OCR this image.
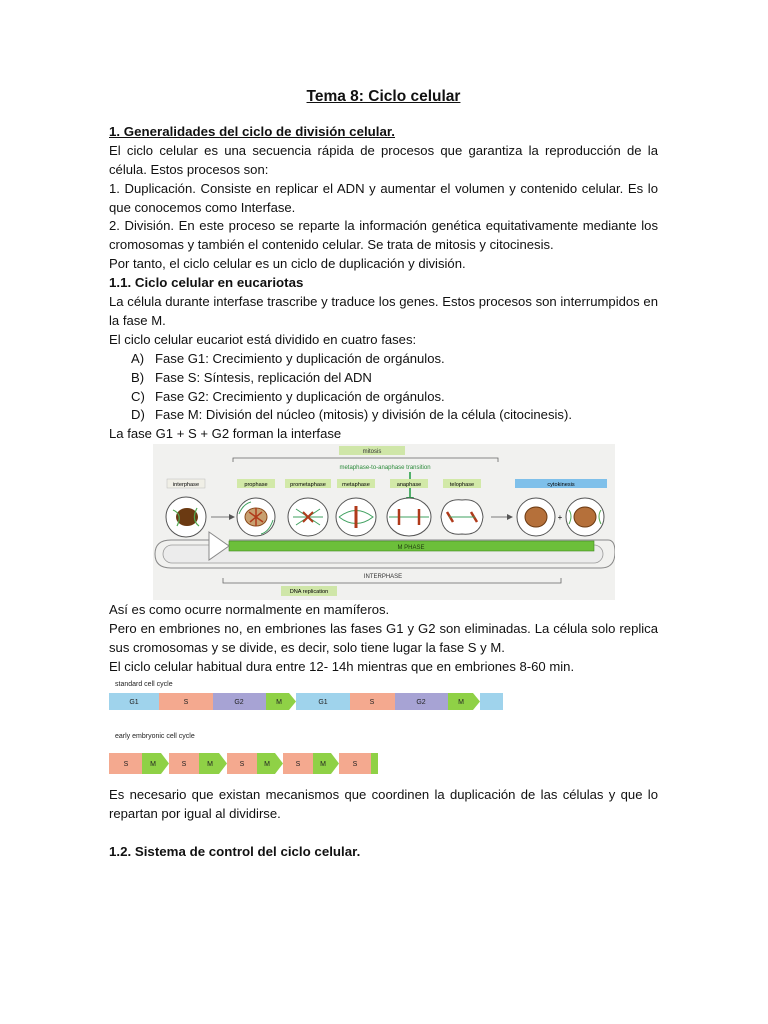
Tema 8: Ciclo celular
1. Generalidades del ciclo de división celular.
El ciclo celular es una secuencia rápida de procesos que garantiza la reproducción de la célula. Estos procesos son:
1. Duplicación. Consiste en replicar el ADN y aumentar el volumen y contenido celular. Es lo que conocemos como Interfase.
2. División. En este proceso se reparte la información genética equitativamente mediante los cromosomas y también el contenido celular. Se trata de mitosis y citocinesis.
Por tanto, el ciclo celular es un ciclo de duplicación y división.
1.1. Ciclo celular en eucariotas
La célula durante interfase trascribe y traduce los genes. Estos procesos son interrumpidos en la fase M.
El ciclo celular eucariot está dividido en cuatro fases:
A) Fase G1: Crecimiento y duplicación de orgánulos.
B) Fase S: Síntesis, replicación del ADN
C) Fase G2: Crecimiento y duplicación de orgánulos.
D) Fase M: División del núcleo (mitosis) y división de la célula (citocinesis).
La fase G1 + S + G2 forman la interfase
Así es como ocurre normalmente en mamíferos.
Pero en embriones no, en embriones las fases G1 y G2 son eliminadas. La célula solo replica sus cromosomas y se divide, es decir, solo tiene lugar la fase S y M.
El ciclo celular habitual dura entre 12- 14h mientras que en embriones 8-60 min.
Es necesario que existan mecanismos que coordinen la duplicación de las células y que lo repartan por igual al dividirse.
1.2. Sistema de control del ciclo celular.
mitosis
metaphase-to-anaphase transition
interphase	prophase	prometaphase	metaphase	anaphase	telophase	cytokinesis
+
M PHASE
INTERPHASE
DNA replication
standard cell cycle
G1	S	G2	M	G1	S	G2	M
early embryonic cell cycle
S	M	S	M	S	M	S	M	S
